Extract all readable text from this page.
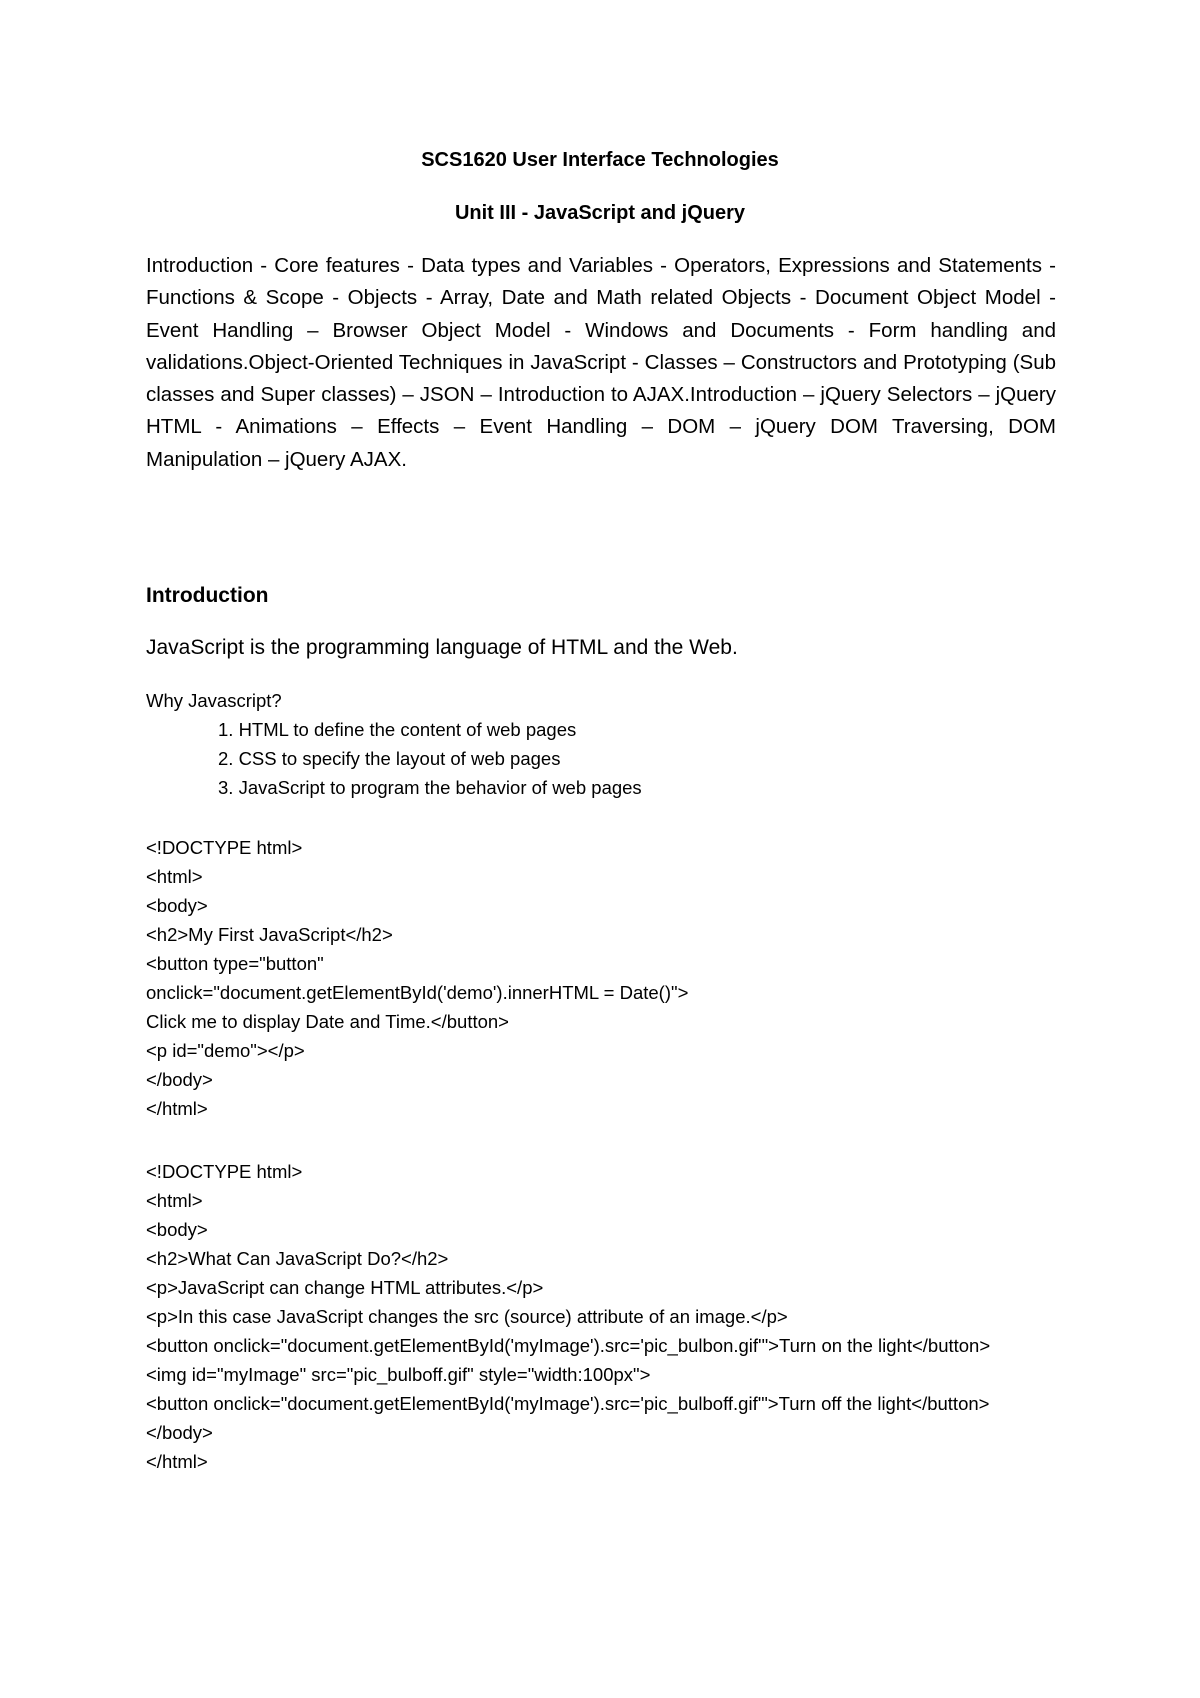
SCS1620 User Interface Technologies
Unit III - JavaScript and jQuery

Introduction - Core features - Data types and Variables - Operators, Expressions and Statements - Functions & Scope - Objects - Array, Date and Math related Objects - Document Object Model - Event Handling – Browser Object Model - Windows and Documents - Form handling and validations.Object-Oriented Techniques in JavaScript - Classes – Constructors and Prototyping (Sub classes and Super classes) – JSON – Introduction to AJAX.Introduction – jQuery Selectors – jQuery HTML - Animations – Effects – Event Handling – DOM – jQuery DOM Traversing, DOM Manipulation – jQuery AJAX.

Introduction

JavaScript is the programming language of HTML and the Web.

Why Javascript?

1. HTML to define the content of web pages
2. CSS to specify the layout of web pages
3. JavaScript to program the behavior of web pages

<!DOCTYPE html>

<html>

<body>

<h2>My First JavaScript</h2>

<button type="button"

onclick="document.getElementById('demo').innerHTML = Date()">

Click me to display Date and Time.</button>

<p id="demo"></p>

</body>

</html>

<!DOCTYPE html>

<html>

<body>

<h2>What Can JavaScript Do?</h2>

<p>JavaScript can change HTML attributes.</p>

<p>In this case JavaScript changes the src (source) attribute of an image.</p>

<button onclick="document.getElementById('myImage').src='pic_bulbon.gif'">Turn on the light</button>

<img id="myImage" src="pic_bulboff.gif" style="width:100px">

<button onclick="document.getElementById('myImage').src='pic_bulboff.gif'">Turn off the light</button>

</body>

</html>
